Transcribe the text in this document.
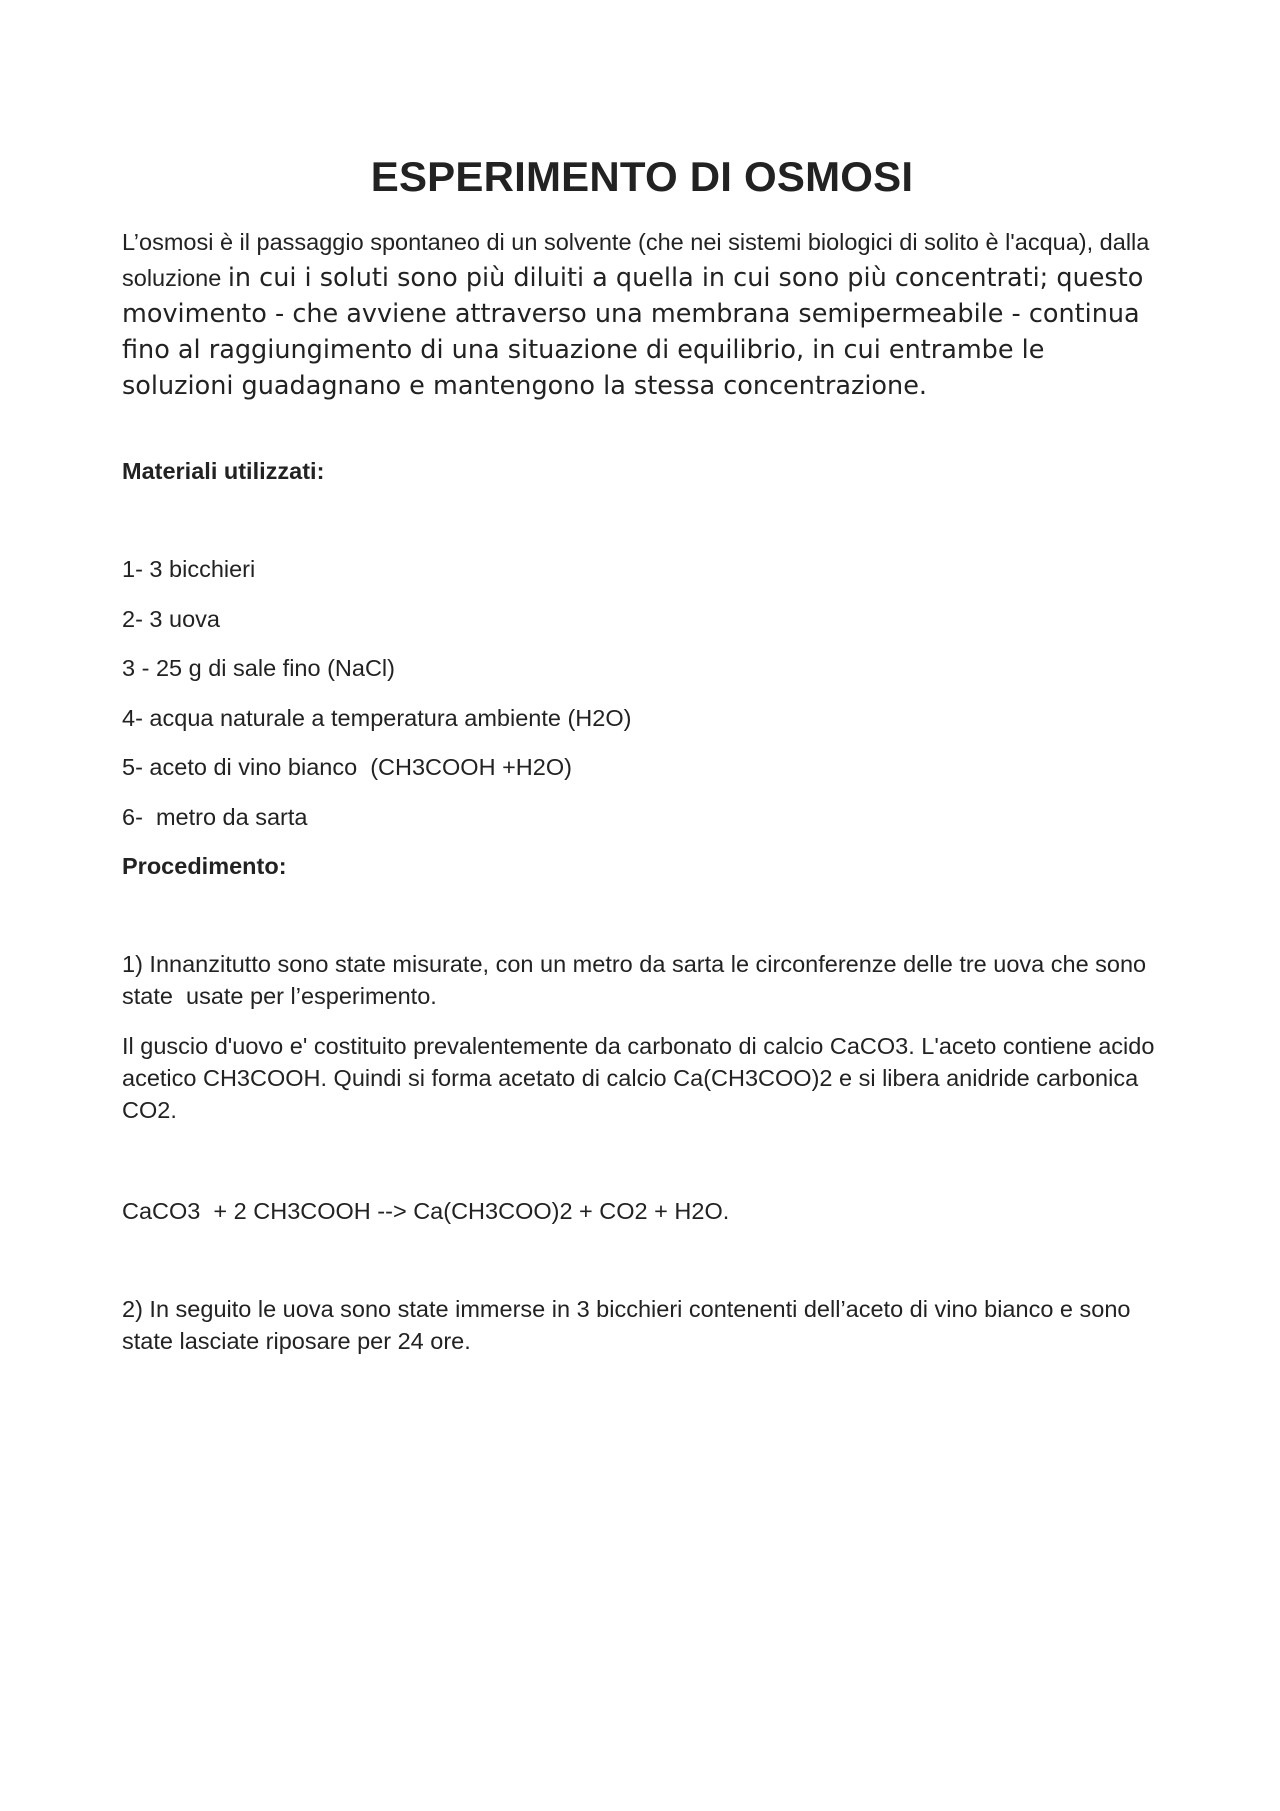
ESPERIMENTO DI OSMOSI

L’osmosi è il passaggio spontaneo di un solvente (che nei sistemi biologici di solito è l'acqua), dalla soluzione in cui i soluti sono più diluiti a quella in cui sono più concentrati; questo movimento - che avviene attraverso una membrana semipermeabile - continua fino al raggiungimento di una situazione di equilibrio, in cui entrambe le soluzioni guadagnano e mantengono la stessa concentrazione.

Materiali utilizzati:

1- 3 bicchieri

2- 3 uova

3 - 25 g di sale fino (NaCl)

4- acqua naturale a temperatura ambiente (H2O)

5- aceto di vino bianco  (CH3COOH +H2O)

6-  metro da sarta

Procedimento:

1) Innanzitutto sono state misurate, con un metro da sarta le circonferenze delle tre uova che sono state  usate per l’esperimento.

Il guscio d'uovo e' costituito prevalentemente da carbonato di calcio CaCO3. L'aceto contiene acido acetico CH3COOH. Quindi si forma acetato di calcio Ca(CH3COO)2 e si libera anidride carbonica CO2.

CaCO3  + 2 CH3COOH --> Ca(CH3COO)2 + CO2 + H2O.

2) In seguito le uova sono state immerse in 3 bicchieri contenenti dell’aceto di vino bianco e sono state lasciate riposare per 24 ore.
